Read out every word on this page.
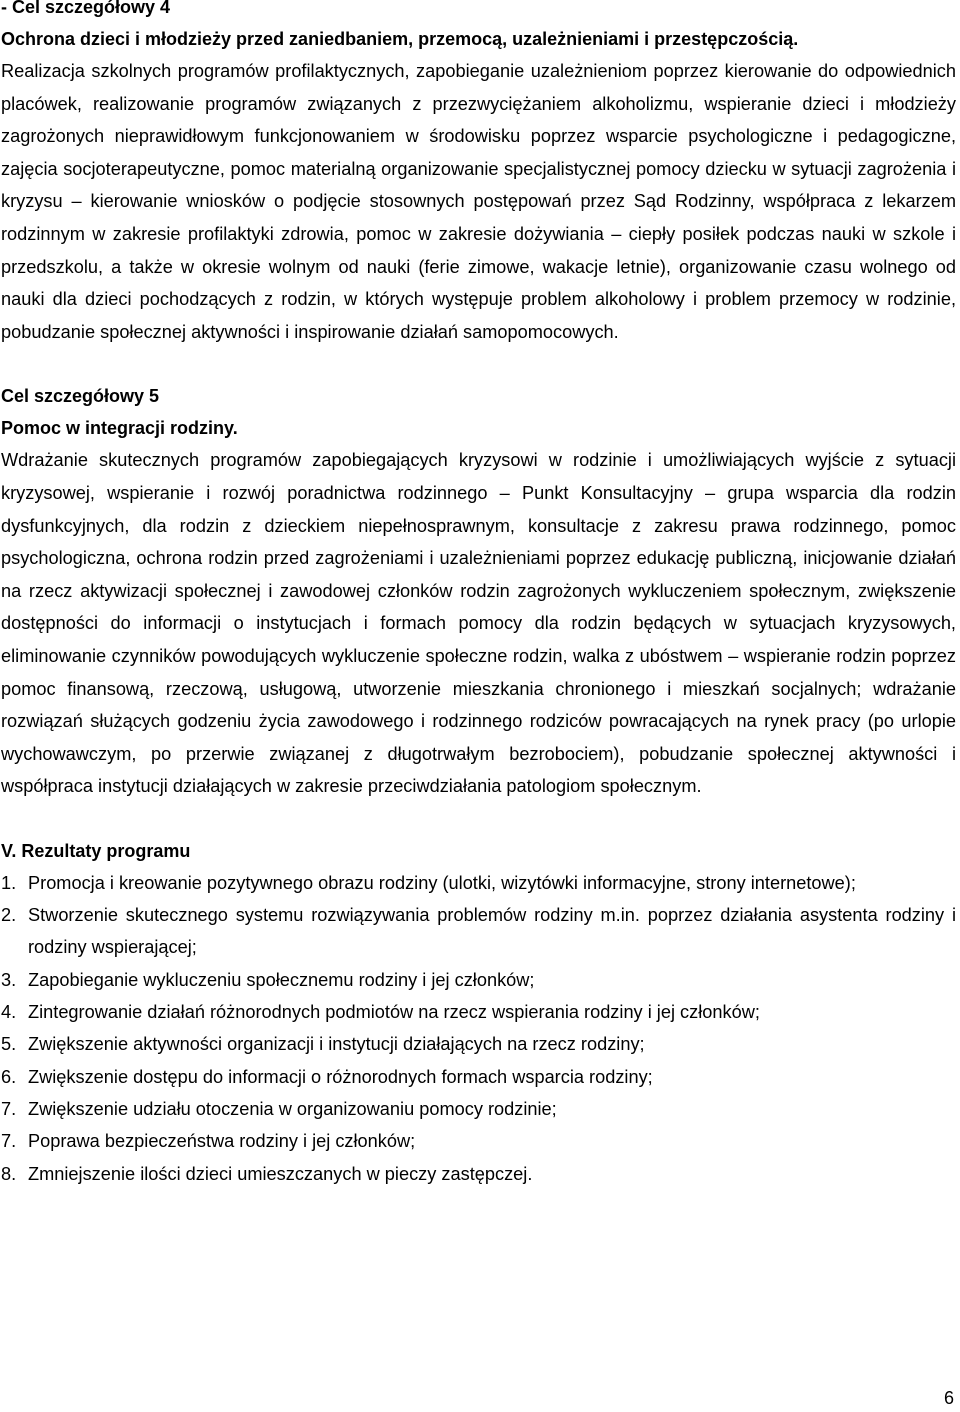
- Cel szczegółowy 4

Ochrona dzieci i młodzieży przed zaniedbaniem, przemocą, uzależnieniami i przestępczością.

Realizacja szkolnych programów profilaktycznych, zapobieganie uzależnieniom poprzez kierowanie do odpowiednich placówek, realizowanie programów związanych z przezwyciężaniem alkoholizmu, wspieranie dzieci i młodzieży zagrożonych nieprawidłowym funkcjonowaniem w środowisku poprzez wsparcie psychologiczne i pedagogiczne, zajęcia socjoterapeutyczne, pomoc materialną organizowanie specjalistycznej pomocy dziecku w sytuacji zagrożenia i kryzysu – kierowanie wniosków o podjęcie stosownych postępowań przez Sąd Rodzinny, współpraca z lekarzem rodzinnym w zakresie profilaktyki zdrowia, pomoc w zakresie dożywiania – ciepły posiłek podczas nauki w szkole i przedszkolu, a także w okresie wolnym od nauki (ferie zimowe, wakacje letnie), organizowanie czasu wolnego od nauki dla dzieci pochodzących z rodzin, w których występuje problem alkoholowy i problem przemocy w rodzinie, pobudzanie społecznej aktywności i inspirowanie działań samopomocowych.

Cel szczegółowy 5

Pomoc w integracji rodziny.

Wdrażanie skutecznych programów zapobiegających kryzysowi w rodzinie i umożliwiających wyjście z sytuacji kryzysowej, wspieranie i rozwój poradnictwa rodzinnego – Punkt Konsultacyjny – grupa wsparcia dla rodzin dysfunkcyjnych, dla rodzin z dzieckiem niepełnosprawnym, konsultacje z zakresu prawa rodzinnego, pomoc psychologiczna, ochrona rodzin przed zagrożeniami i uzależnieniami poprzez edukację publiczną, inicjowanie działań na rzecz aktywizacji społecznej i zawodowej członków rodzin zagrożonych wykluczeniem społecznym, zwiększenie dostępności do informacji o instytucjach i formach pomocy dla rodzin będących w sytuacjach kryzysowych, eliminowanie czynników powodujących wykluczenie społeczne rodzin, walka z ubóstwem – wspieranie rodzin poprzez pomoc finansową, rzeczową, usługową, utworzenie mieszkania chronionego i mieszkań socjalnych; wdrażanie rozwiązań służących godzeniu życia zawodowego i rodzinnego rodziców powracających na rynek pracy (po urlopie wychowawczym, po przerwie związanej z długotrwałym bezrobociem), pobudzanie społecznej aktywności i współpraca instytucji działających w zakresie przeciwdziałania patologiom społecznym.

V. Rezultaty programu

1. Promocja i kreowanie pozytywnego obrazu rodziny (ulotki, wizytówki informacyjne, strony internetowe);
2. Stworzenie skutecznego systemu rozwiązywania problemów rodziny m.in. poprzez działania asystenta rodziny i rodziny wspierającej;
3. Zapobieganie wykluczeniu społecznemu rodziny i jej członków;
4. Zintegrowanie działań różnorodnych podmiotów na rzecz wspierania rodziny i jej członków;
5. Zwiększenie aktywności organizacji i instytucji działających na rzecz rodziny;
6. Zwiększenie dostępu do informacji o różnorodnych formach wsparcia rodziny;
7. Zwiększenie udziału otoczenia w organizowaniu pomocy rodzinie;
7. Poprawa bezpieczeństwa rodziny i jej członków;
8. Zmniejszenie ilości dzieci umieszczanych w pieczy zastępczej.
6
